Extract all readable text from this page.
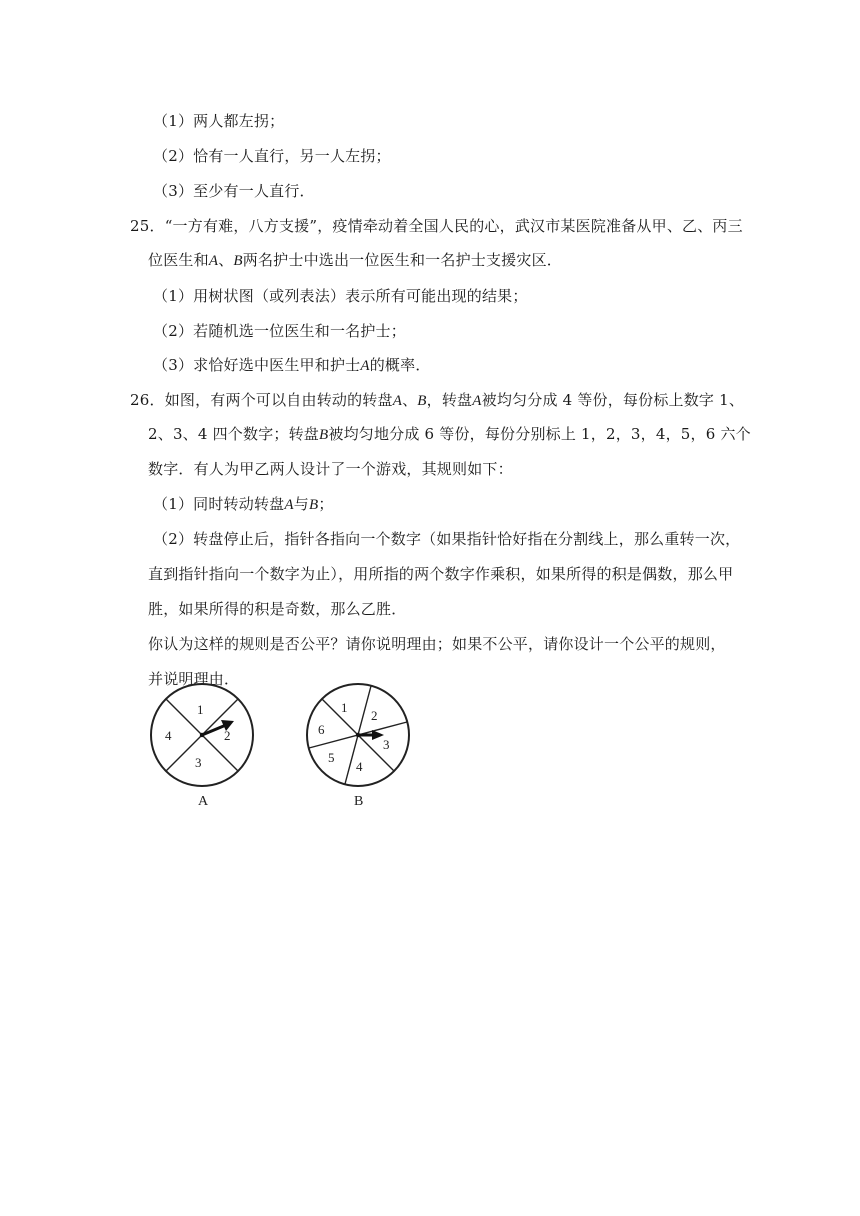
（1）两人都左拐；
（2）恰有一人直行，另一人左拐；
（3）至少有一人直行．
25．“一方有难，八方支援”，疫情牵动着全国人民的心，武汉市某医院准备从甲、乙、丙三
位医生和A、B两名护士中选出一位医生和一名护士支援灾区．
（1）用树状图（或列表法）表示所有可能出现的结果；
（2）若随机选一位医生和一名护士；
（3）求恰好选中医生甲和护士A的概率．
26．如图，有两个可以自由转动的转盘A、B，转盘A被均匀分成 4 等份，每份标上数字 1、
2、3、4 四个数字；转盘B被均匀地分成 6 等份，每份分别标上 1，2，3，4，5，6 六个
数字．有人为甲乙两人设计了一个游戏，其规则如下：
（1）同时转动转盘A与B；
（2）转盘停止后，指针各指向一个数字（如果指针恰好指在分割线上，那么重转一次，
直到指针指向一个数字为止），用所指的两个数字作乘积，如果所得的积是偶数，那么甲
胜，如果所得的积是奇数，那么乙胜．
你认为这样的规则是否公平？请你说明理由；如果不公平，请你设计一个公平的规则，
并说明理由．
1
2
3
4
A
1
2
3
4
5
6
B
